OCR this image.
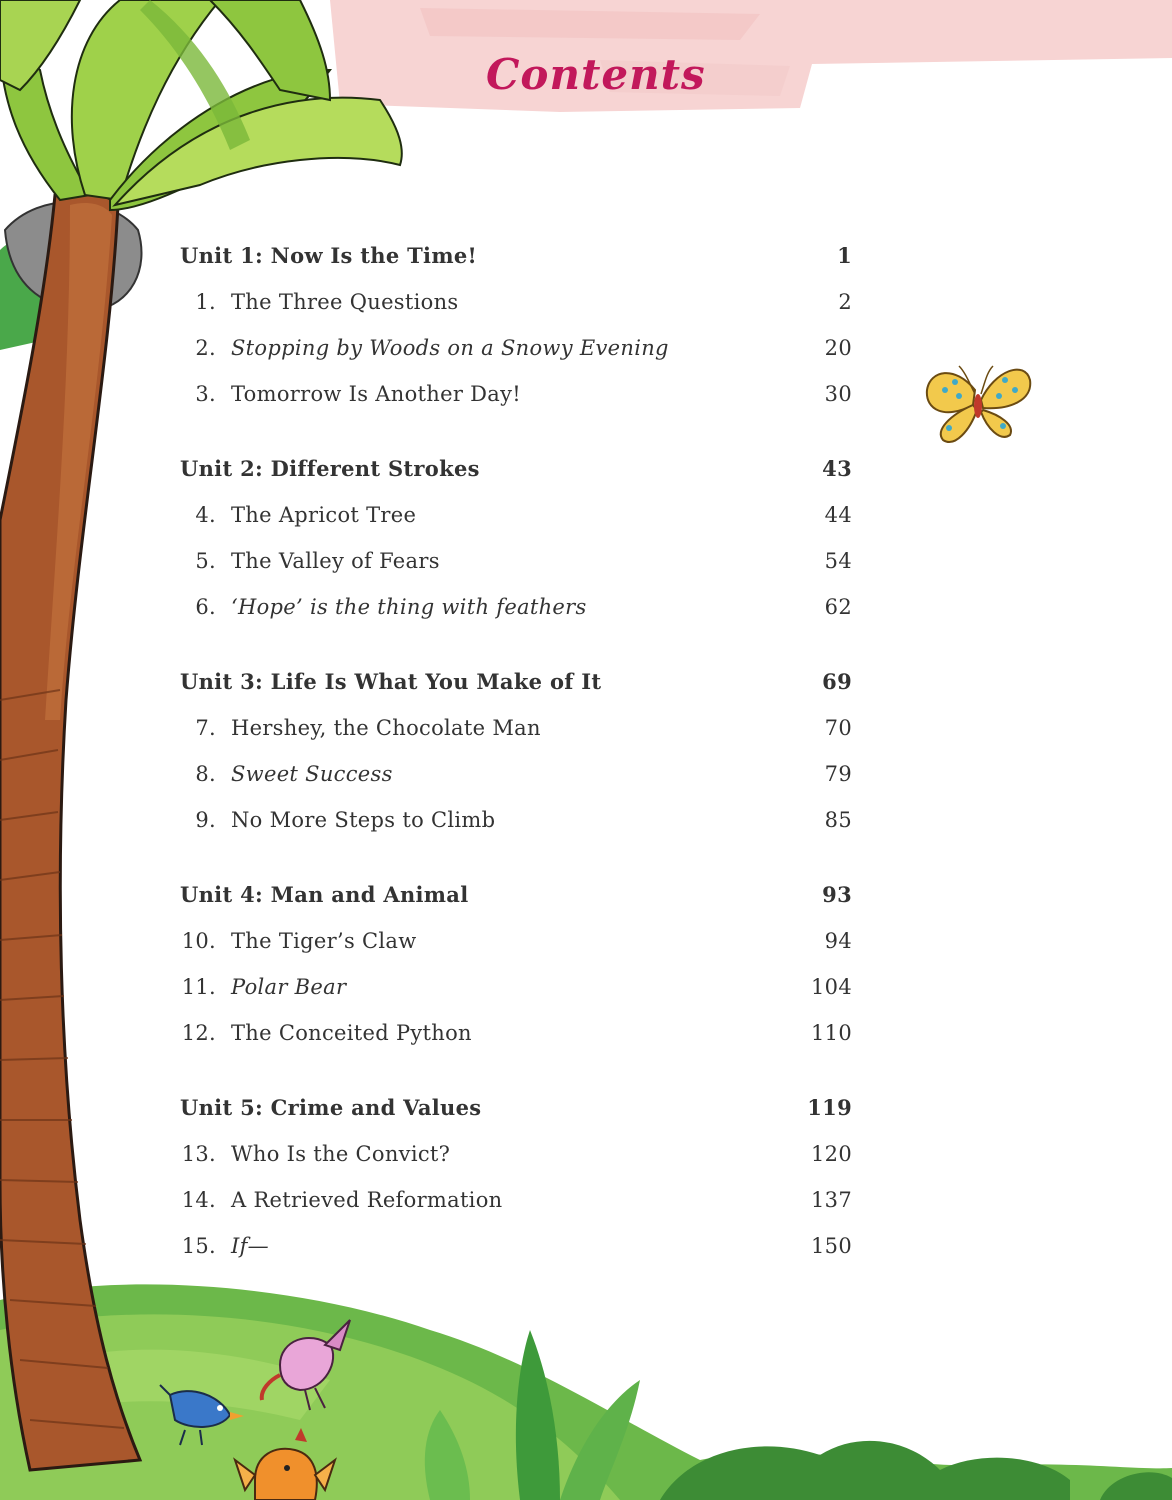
Contents
Unit 1: Now Is the Time!	1
1. The Three Questions	2
2. Stopping by Woods on a Snowy Evening	20
3. Tomorrow Is Another Day!	30
Unit 2: Different Strokes	43
4. The Apricot Tree	44
5. The Valley of Fears	54
6. ‘Hope’ is the thing with feathers	62
Unit 3: Life Is What You Make of It	69
7. Hershey, the Chocolate Man	70
8. Sweet Success	79
9. No More Steps to Climb	85
Unit 4: Man and Animal	93
10. The Tiger’s Claw	94
11. Polar Bear	104
12. The Conceited Python	110
Unit 5: Crime and Values	119
13. Who Is the Convict?	120
14. A Retrieved Reformation	137
15. If—	150
